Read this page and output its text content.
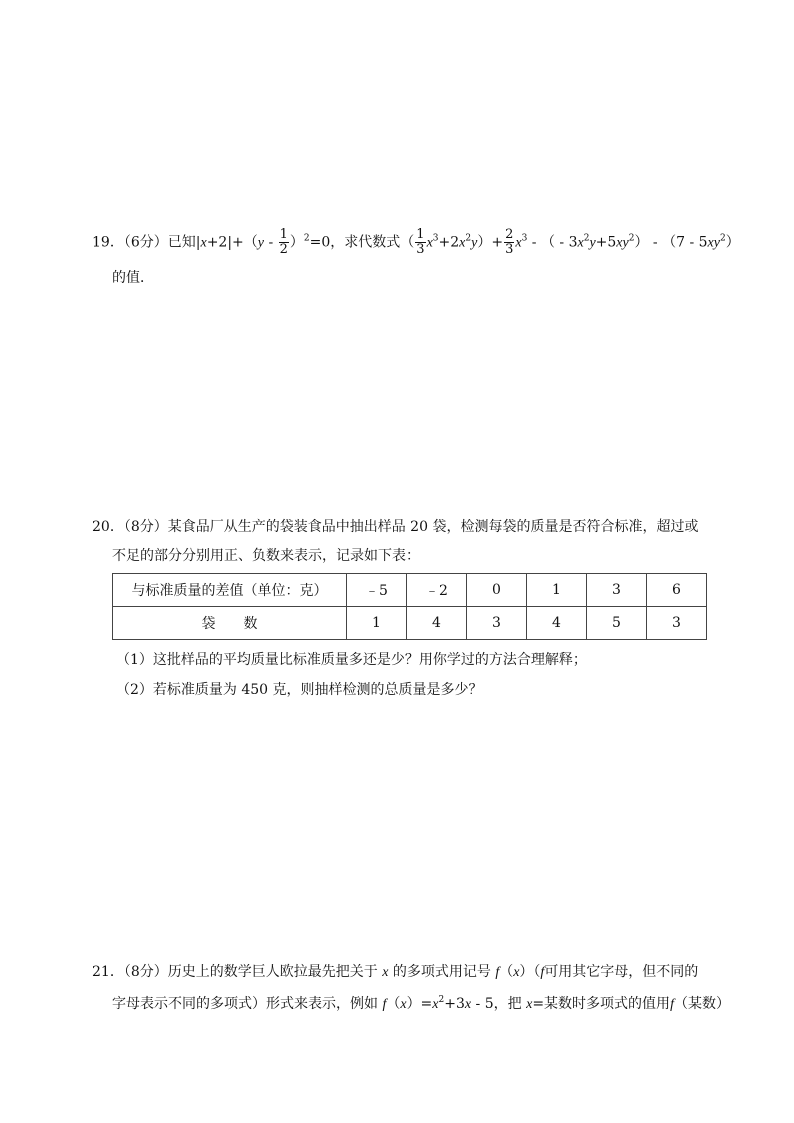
19．（6分）已知$|x+2|+(y - \frac{1}{2} )^2=0$，求代数式（ $\frac{1}{3} x^3+2x^2y)+ \frac{2}{3} x^3$ - （ - $3x^2y+5xy^2) - (7 - 5xy^2)$
的值．
20．（8分）某食品厂从生产的袋装食品中抽出样品 20 袋，检测每袋的质量是否符合标准，超过或
不足的部分分别用正、负数来表示，记录如下表：
与标准质量的差值（单位：克）	﹣5	﹣2	0	1	3	6
袋　　数	1	4	3	4	5	3
（1）这批样品的平均质量比标准质量多还是少？用你学过的方法合理解释；
（2）若标准质量为 450 克，则抽样检测的总质量是多少？
21．（8分）历史上的数学巨人欧拉最先把关于 x 的多项式用记号 f（x）（f可用其它字母，但不同的
字母表示不同的多项式）形式来表示，例如 $f(x)=x^2+3x - 5$，把 x=某数时多项式的值用f（某数）
